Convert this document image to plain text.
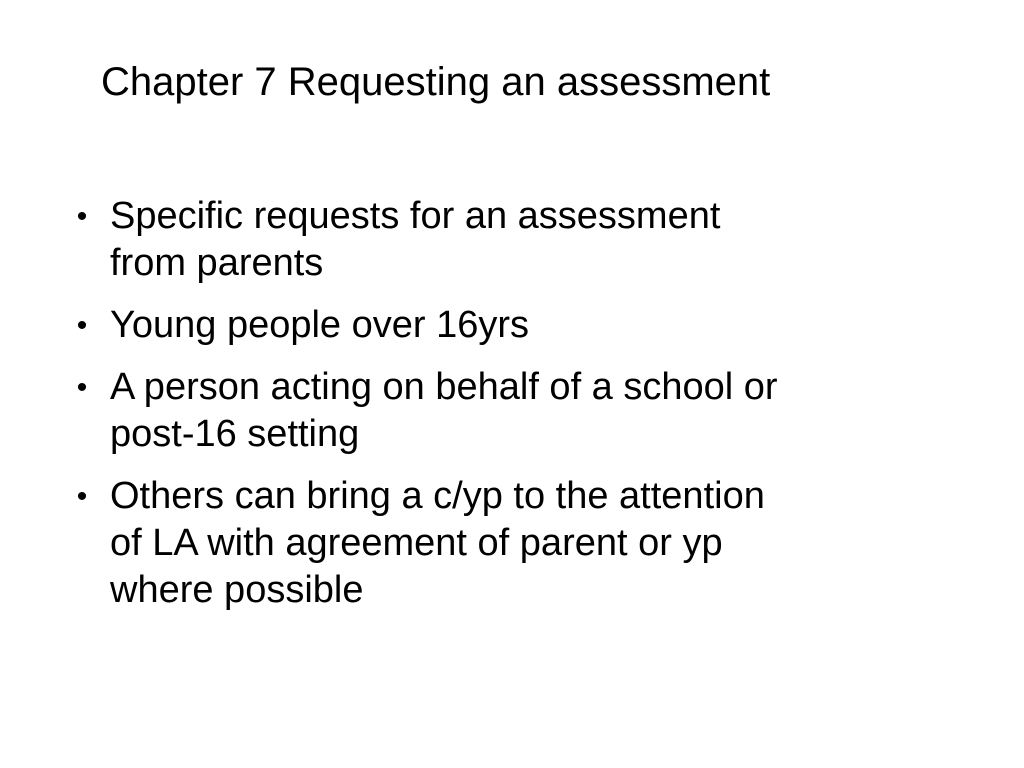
Chapter 7 Requesting an assessment
• Specific requests for an assessment
from parents
• Young people over 16yrs
• A person acting on behalf of a school or
post-16 setting
• Others can bring a c/yp to the attention
of LA with agreement of parent or yp
where possible
